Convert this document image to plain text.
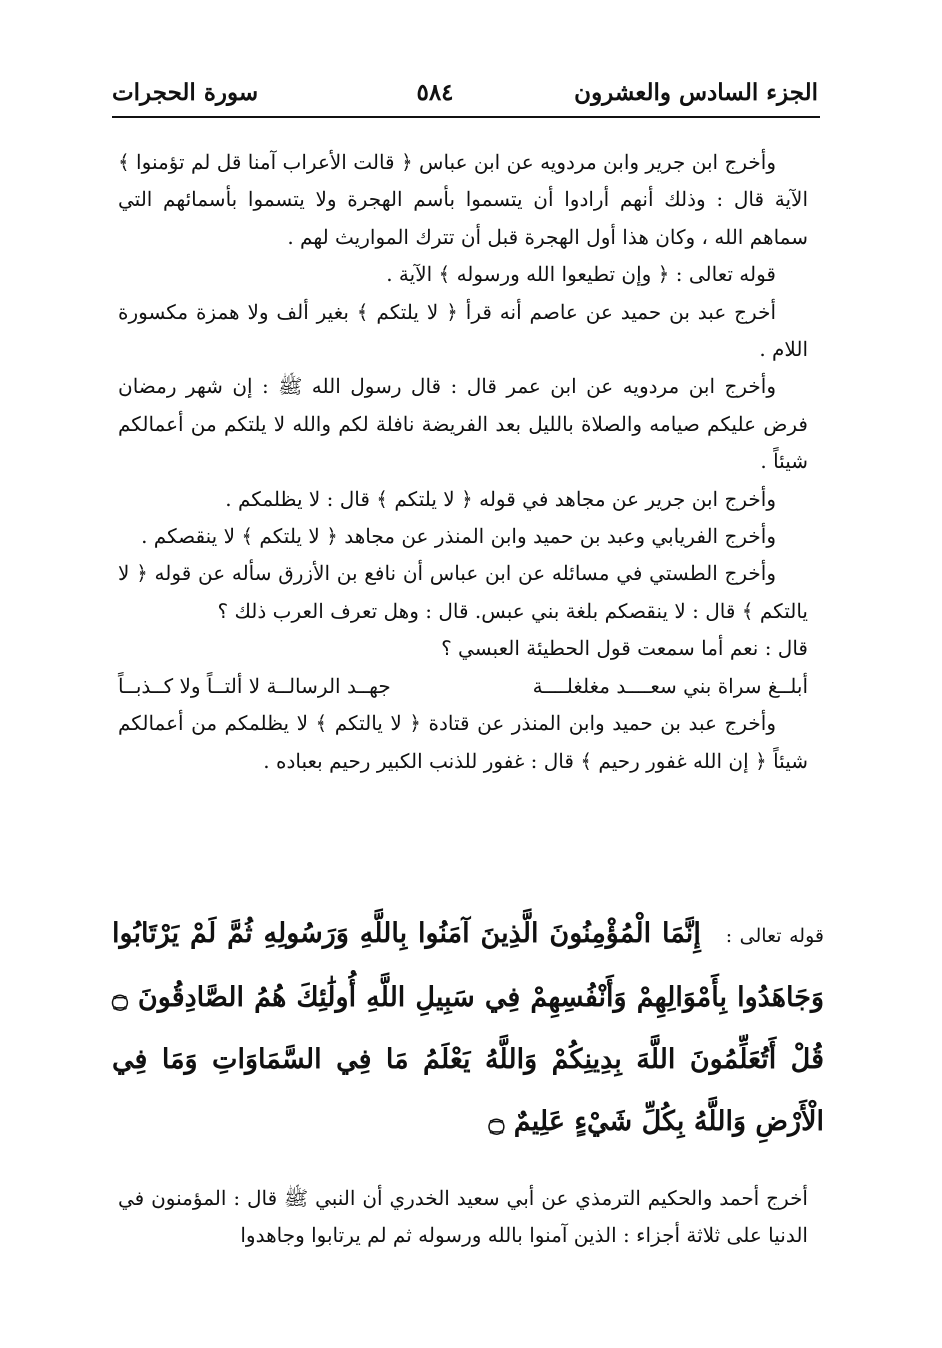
سورة الحجرات	٥٨٤	الجزء السادس والعشرون

وأخرج ابن جرير وابن مردويه عن ابن عباس ﴿ قالت الأعراب آمنا قل لم تؤمنوا ﴾ الآية قال : وذلك أنهم أرادوا أن يتسموا بأسم الهجرة ولا يتسموا بأسمائهم التي سماهم الله ، وكان هذا أول الهجرة قبل أن تترك المواريث لهم .

قوله تعالى : ﴿ وإن تطيعوا الله ورسوله ﴾ الآية .

أخرج عبد بن حميد عن عاصم أنه قرأ ﴿ لا يلتكم ﴾ بغير ألف ولا همزة مكسورة اللام .

وأخرج ابن مردويه عن ابن عمر قال : قال رسول الله ﷺ : إن شهر رمضان فرض عليكم صيامه والصلاة بالليل بعد الفريضة نافلة لكم والله لا يلتكم من أعمالكم شيئاً .

وأخرج ابن جرير عن مجاهد في قوله ﴿ لا يلتكم ﴾ قال : لا يظلمكم .

وأخرج الفريابي وعبد بن حميد وابن المنذر عن مجاهد ﴿ لا يلتكم ﴾ لا ينقصكم .

وأخرج الطستي في مسائله عن ابن عباس أن نافع بن الأزرق سأله عن قوله ﴿ لا يالتكم ﴾ قال : لا ينقصكم بلغة بني عبس. قال : وهل تعرف العرب ذلك ؟

قال : نعم أما سمعت قول الحطيئة العبسي ؟

أبلــغ سراة بني سعــــد مغلغلــــة
جهــد الرسالــة لا ألتــاً ولا كــذبــاً

وأخرج عبد بن حميد وابن المنذر عن قتادة ﴿ لا يالتكم ﴾ لا يظلمكم من أعمالكم شيئاً ﴿ إن الله غفور رحيم ﴾ قال : غفور للذنب الكبير رحيم بعباده .

قوله تعالى : إِنَّمَا الْمُؤْمِنُونَ الَّذِينَ آمَنُوا بِاللَّهِ وَرَسُولِهِ ثُمَّ لَمْ يَرْتَابُوا وَجَاهَدُوا بِأَمْوَالِهِمْ وَأَنْفُسِهِمْ فِي سَبِيلِ اللَّهِ أُولَٰئِكَ هُمُ الصَّادِقُونَ ۝ قُلْ أَتُعَلِّمُونَ اللَّهَ بِدِينِكُمْ وَاللَّهُ يَعْلَمُ مَا فِي السَّمَاوَاتِ وَمَا فِي الْأَرْضِ وَاللَّهُ بِكُلِّ شَيْءٍ عَلِيمٌ ۝

أخرج أحمد والحكيم الترمذي عن أبي سعيد الخدري أن النبي ﷺ قال : المؤمنون في الدنيا على ثلاثة أجزاء : الذين آمنوا بالله ورسوله ثم لم يرتابوا وجاهدوا
